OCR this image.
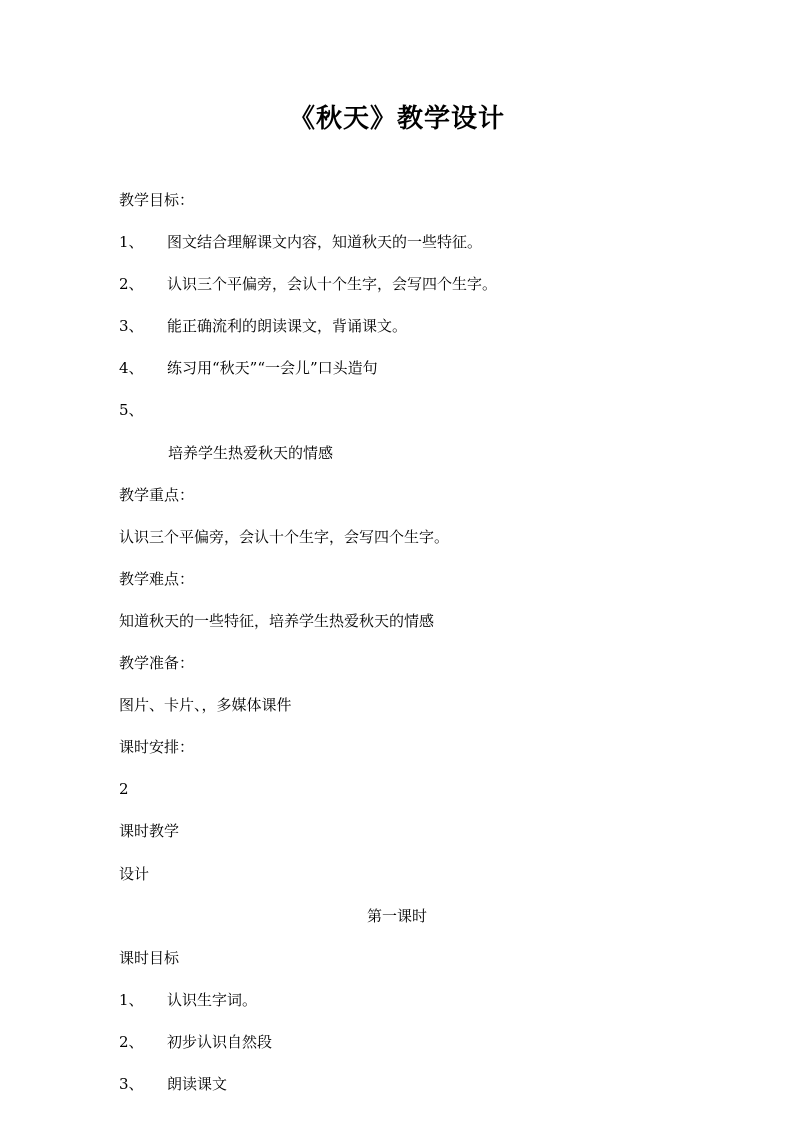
《秋天》教学设计
教学目标：
1、 图文结合理解课文内容，知道秋天的一些特征。
2、 认识三个平偏旁，会认十个生字，会写四个生字。
3、 能正确流利的朗读课文，背诵课文。
4、 练习用“秋天”“一会儿”口头造句
5、
培养学生热爱秋天的情感
教学重点：
认识三个平偏旁，会认十个生字，会写四个生字。
教学难点：
知道秋天的一些特征，培养学生热爱秋天的情感
教学准备：
图片、卡片、，多媒体课件
课时安排：
2
课时教学
设计
第一课时
课时目标
1、 认识生字词。
2、 初步认识自然段
3、 朗读课文
